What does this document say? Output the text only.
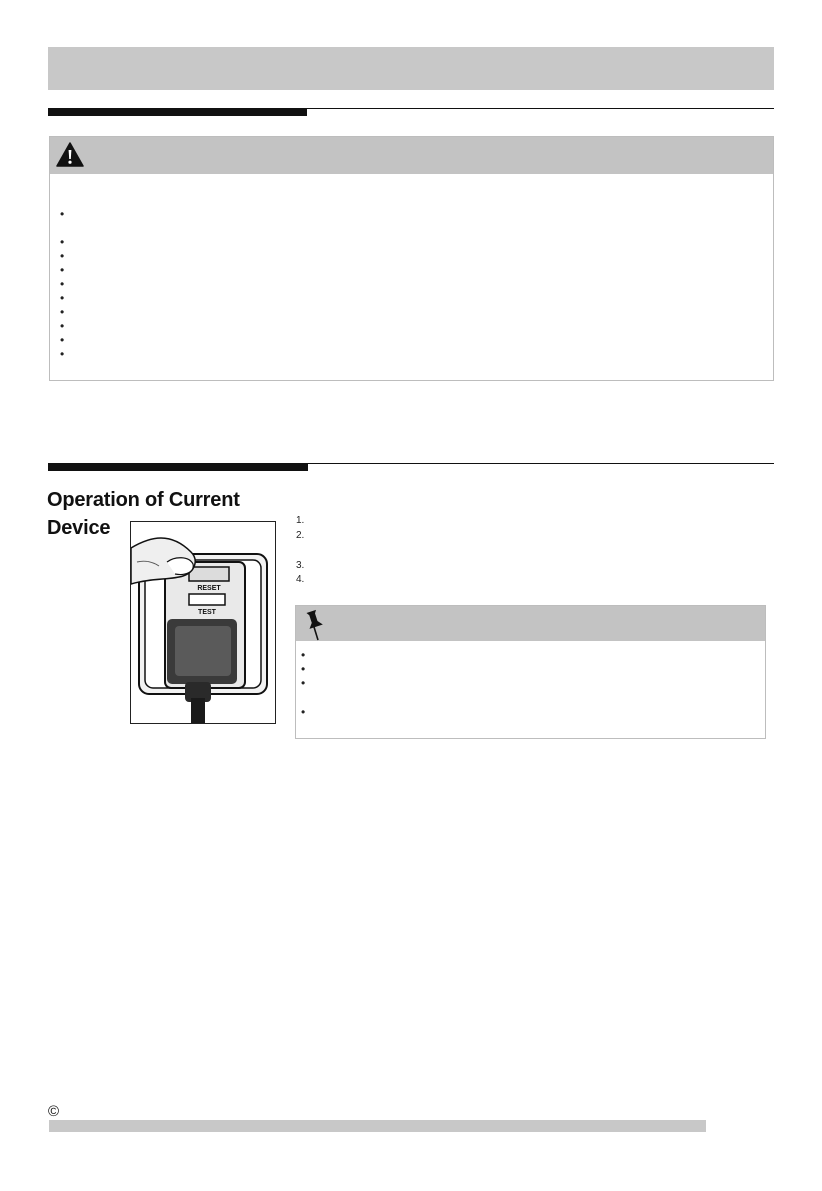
•
•
•
•
•
•
•
•
•
•
Operation of Current
Device
RESET
TEST
1.
2.
3.
4.
•
•
•
•
©
